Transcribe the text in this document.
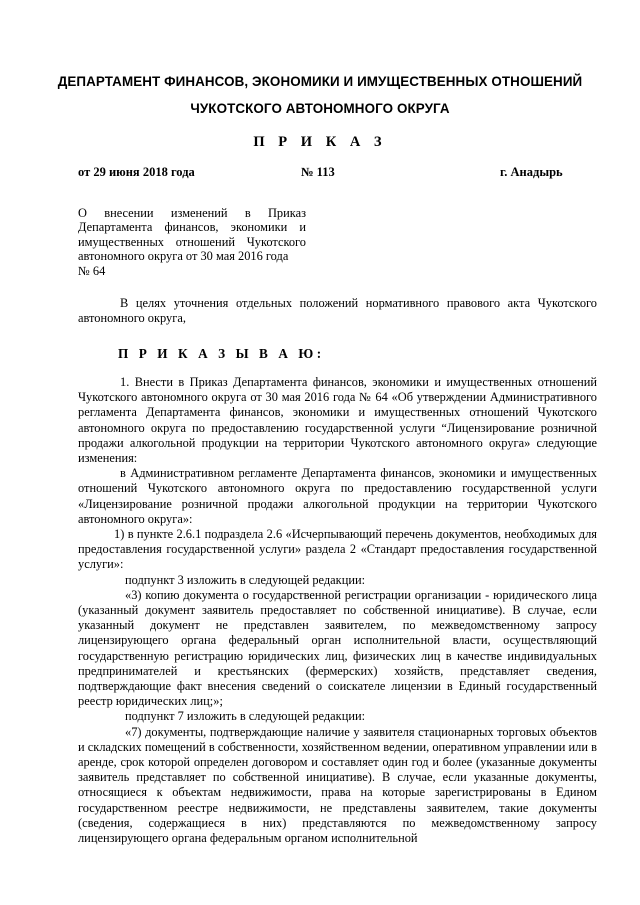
ДЕПАРТАМЕНТ ФИНАНСОВ, ЭКОНОМИКИ И ИМУЩЕСТВЕННЫХ ОТНОШЕНИЙ
ЧУКОТСКОГО АВТОНОМНОГО ОКРУГА
П Р И К А З
от 29 июня 2018 года	№ 113	г. Анадырь

О внесении изменений в Приказ Департамента финансов, экономики и имущественных отношений Чукотского автономного округа от 30 мая 2016 года

№ 64

В целях уточнения отдельных положений нормативного правового акта Чукотского автономного округа,

П Р И К А З Ы В А Ю:

1. Внести в Приказ Департамента финансов, экономики и имущественных отношений Чукотского автономного округа от 30 мая 2016 года № 64 «Об утверждении Административного регламента Департамента финансов, экономики и имущественных отношений Чукотского автономного округа по предоставлению государственной услуги “Лицензирование розничной продажи алкогольной продукции на территории Чукотского автономного округа» следующие изменения:

в Административном регламенте Департамента финансов, экономики и имущественных отношений Чукотского автономного округа по предоставлению государственной услуги «Лицензирование розничной продажи алкогольной продукции на территории Чукотского автономного округа»:

1) в пункте 2.6.1 подраздела 2.6 «Исчерпывающий перечень документов, необходимых для предоставления государственной услуги» раздела 2 «Стандарт предоставления государственной услуги»:

подпункт 3 изложить в следующей редакции:

«3) копию документа о государственной регистрации организации - юридического лица (указанный документ заявитель предоставляет по собственной инициативе). В случае, если указанный документ не представлен заявителем, по межведомственному запросу лицензирующего органа федеральный орган исполнительной власти, осуществляющий государственную регистрацию юридических лиц, физических лиц в качестве индивидуальных предпринимателей и крестьянских (фермерских) хозяйств, представляет сведения, подтверждающие факт внесения сведений о соискателе лицензии в Единый государственный реестр юридических лиц;»;

подпункт 7 изложить в следующей редакции:

«7) документы, подтверждающие наличие у заявителя стационарных торговых объектов и складских помещений в собственности, хозяйственном ведении, оперативном управлении или в аренде, срок которой определен договором и составляет один год и более (указанные документы заявитель представляет по собственной инициативе). В случае, если указанные документы, относящиеся к объектам недвижимости, права на которые зарегистрированы в Едином государственном реестре недвижимости, не представлены заявителем, такие документы (сведения, содержащиеся в них) представляются по межведомственному запросу лицензирующего органа федеральным органом исполнительной
